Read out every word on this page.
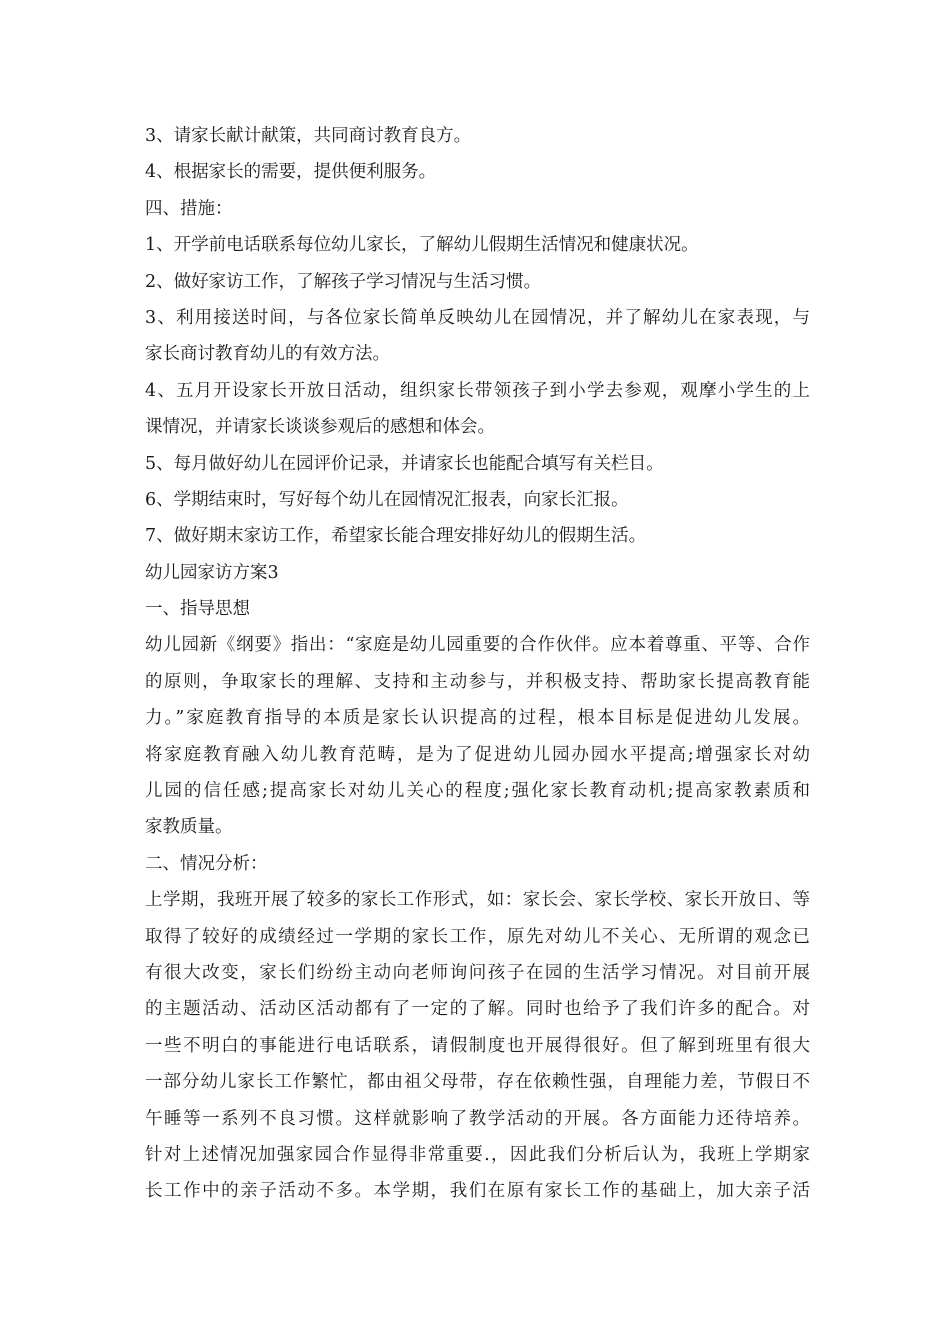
3、请家长献计献策，共同商讨教育良方。
4、根据家长的需要，提供便利服务。
四、措施：
1、开学前电话联系每位幼儿家长，了解幼儿假期生活情况和健康状况。
2、做好家访工作，了解孩子学习情况与生活习惯。
3、利用接送时间，与各位家长简单反映幼儿在园情况，并了解幼儿在家表现，与
家长商讨教育幼儿的有效方法。
4、五月开设家长开放日活动，组织家长带领孩子到小学去参观，观摩小学生的上
课情况，并请家长谈谈参观后的感想和体会。
5、每月做好幼儿在园评价记录，并请家长也能配合填写有关栏目。
6、学期结束时，写好每个幼儿在园情况汇报表，向家长汇报。
7、做好期末家访工作，希望家长能合理安排好幼儿的假期生活。
幼儿园家访方案3
一、指导思想
幼儿园新《纲要》指出：“家庭是幼儿园重要的合作伙伴。应本着尊重、平等、合作
的原则，争取家长的理解、支持和主动参与，并积极支持、帮助家长提高教育能
力。”家庭教育指导的本质是家长认识提高的过程，根本目标是促进幼儿发展。
将家庭教育融入幼儿教育范畴，是为了促进幼儿园办园水平提高;增强家长对幼
儿园的信任感;提高家长对幼儿关心的程度;强化家长教育动机;提高家教素质和
家教质量。
二、情况分析：
上学期，我班开展了较多的家长工作形式，如：家长会、家长学校、家长开放日、等
取得了较好的成绩经过一学期的家长工作，原先对幼儿不关心、无所谓的观念已
有很大改变，家长们纷纷主动向老师询问孩子在园的生活学习情况。对目前开展
的主题活动、活动区活动都有了一定的了解。同时也给予了我们许多的配合。对
一些不明白的事能进行电话联系，请假制度也开展得很好。但了解到班里有很大
一部分幼儿家长工作繁忙，都由祖父母带，存在依赖性强，自理能力差，节假日不
午睡等一系列不良习惯。这样就影响了教学活动的开展。各方面能力还待培养。
针对上述情况加强家园合作显得非常重要.，因此我们分析后认为，我班上学期家
长工作中的亲子活动不多。本学期，我们在原有家长工作的基础上，加大亲子活
